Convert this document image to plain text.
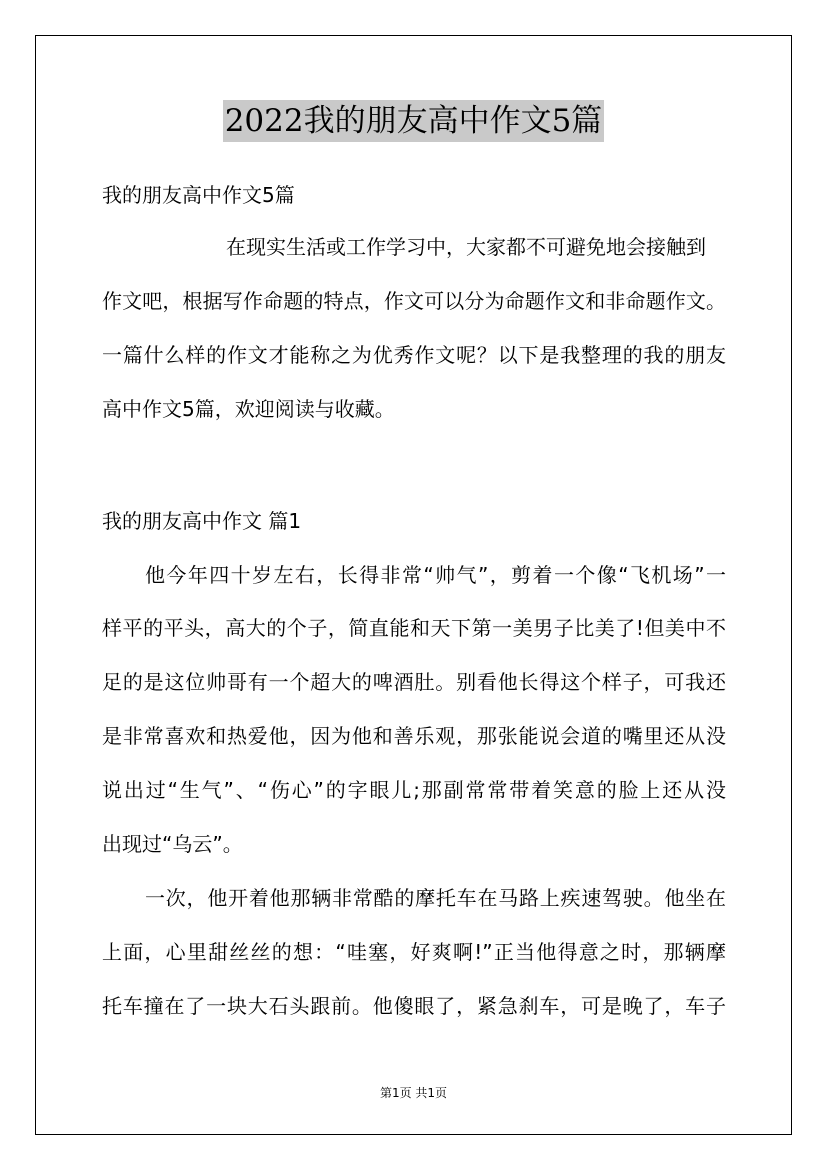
2022我的朋友高中作文5篇
我的朋友高中作文5篇
在现实生活或工作学习中，大家都不可避免地会接触到
作文吧，根据写作命题的特点，作文可以分为命题作文和非命题作文。
一篇什么样的作文才能称之为优秀作文呢？以下是我整理的我的朋友
高中作文5篇，欢迎阅读与收藏。
我的朋友高中作文 篇1
他今年四十岁左右，长得非常“帅气”，剪着一个像“飞机场”一
样平的平头，高大的个子，简直能和天下第一美男子比美了!但美中不
足的是这位帅哥有一个超大的啤酒肚。别看他长得这个样子，可我还
是非常喜欢和热爱他，因为他和善乐观，那张能说会道的嘴里还从没
说出过“生气”、“伤心”的字眼儿;那副常常带着笑意的脸上还从没
出现过“乌云”。
一次，他开着他那辆非常酷的摩托车在马路上疾速驾驶。他坐在
上面，心里甜丝丝的想：“哇塞，好爽啊!”正当他得意之时，那辆摩
托车撞在了一块大石头跟前。他傻眼了，紧急刹车，可是晚了，车子
第1页 共1页
